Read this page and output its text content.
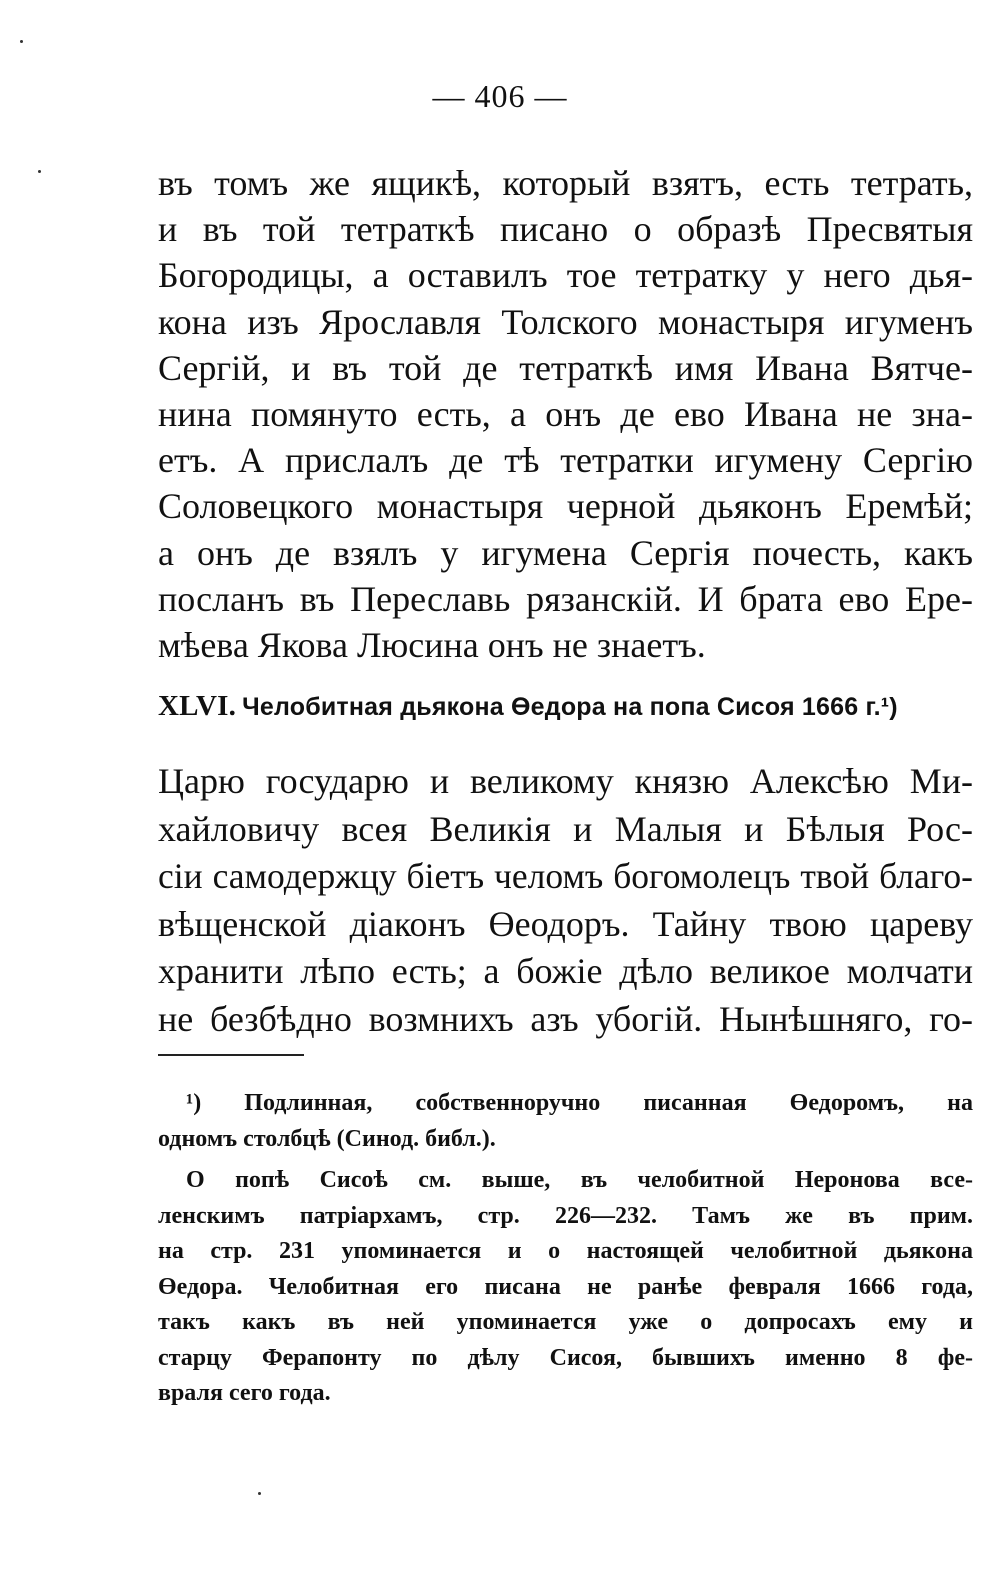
— 406 —
въ томъ же ящикѣ, который взятъ, есть тетрать,
и въ той тетраткѣ писано о образѣ Пресвятыя
Богородицы, а оставилъ тое тетратку у него дья-
кона изъ Ярославля Толского монастыря игуменъ
Сергій, и въ той де тетраткѣ имя Ивана Вятче-
нина помянуто есть, а онъ де ево Ивана не зна-
етъ. А прислалъ де тѣ тетратки игумену Сергію
Соловецкого монастыря черной дьяконъ Еремѣй;
а онъ де взялъ у игумена Сергія почесть, какъ
посланъ въ Переславь рязанскій. И брата ево Ере-
мѣева Якова Люсина онъ не знаетъ.
XLVI. Челобитная дьякона Өедора на попа Сисоя 1666 г.¹)
Царю государю и великому князю Алексѣю Ми-
хайловичу всея Великія и Малыя и Бѣлыя Рос-
сіи самодержцу біетъ челомъ богомолецъ твой благо-
вѣщенской діаконъ Өеодоръ. Тайну твою цареву
хранити лѣпо есть; а божіе дѣло великое молчати
не безбѣдно возмнихъ азъ убогій. Нынѣшняго, го-
¹) Подлинная, собственноручно писанная Өедоромъ, на
одномъ столбцѣ (Синод. библ.).
О попѣ Сисоѣ см. выше, въ челобитной Неронова все-
ленскимъ патріархамъ, стр. 226—232. Тамъ же въ прим.
на стр. 231 упоминается и о настоящей челобитной дьякона
Өедора. Челобитная его писана не ранѣе февраля 1666 года,
такъ какъ въ ней упоминается уже о допросахъ ему и
старцу Ферапонту по дѣлу Сисоя, бывшихъ именно 8 фе-
враля сего года.
